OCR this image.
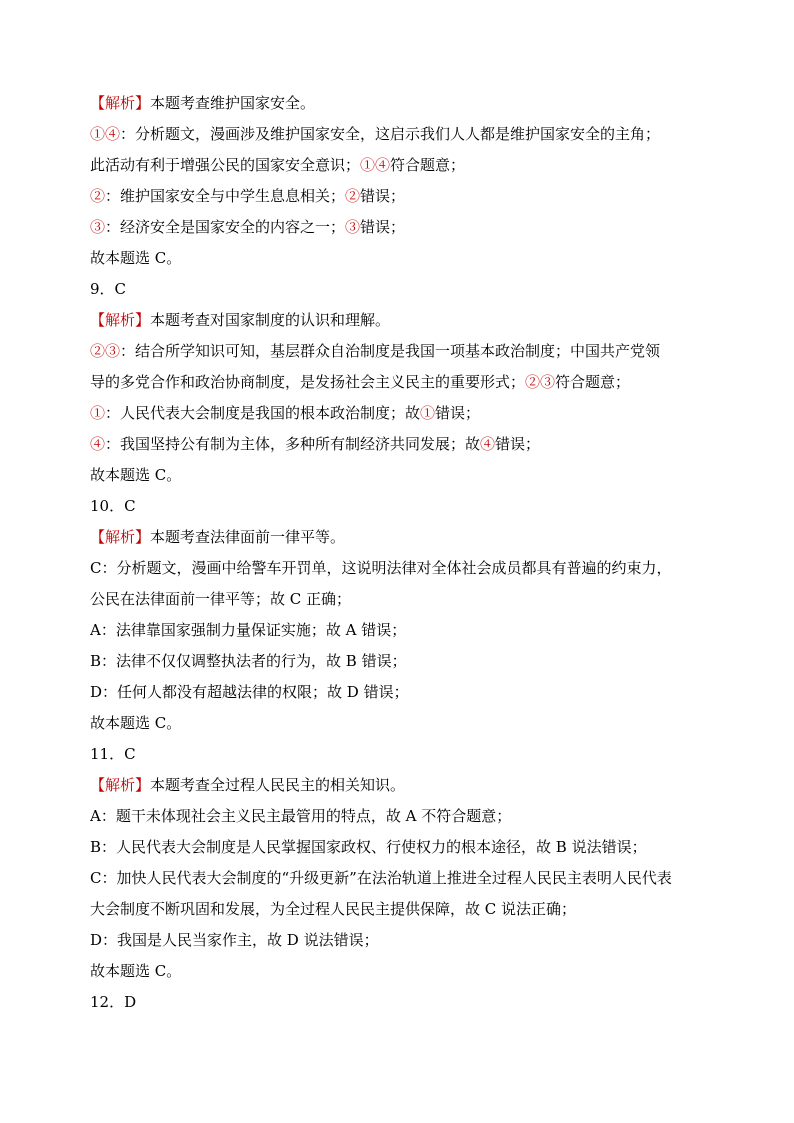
【解析】本题考查维护国家安全。
①④：分析题文，漫画涉及维护国家安全，这启示我们人人都是维护国家安全的主角；
此活动有利于增强公民的国家安全意识；①④符合题意；
②：维护国家安全与中学生息息相关；②错误；
③：经济安全是国家安全的内容之一；③错误；
故本题选 C。
9．C
【解析】本题考查对国家制度的认识和理解。
②③：结合所学知识可知，基层群众自治制度是我国一项基本政治制度；中国共产党领
导的多党合作和政治协商制度，是发扬社会主义民主的重要形式；②③符合题意；
①：人民代表大会制度是我国的根本政治制度；故①错误；
④：我国坚持公有制为主体，多种所有制经济共同发展；故④错误；
故本题选 C。
10．C
【解析】本题考查法律面前一律平等。
C：分析题文，漫画中给警车开罚单，这说明法律对全体社会成员都具有普遍的约束力，
公民在法律面前一律平等；故 C 正确；
A：法律靠国家强制力量保证实施；故 A 错误；
B：法律不仅仅调整执法者的行为，故 B 错误；
D：任何人都没有超越法律的权限；故 D 错误；
故本题选 C。
11．C
【解析】本题考查全过程人民民主的相关知识。
A：题干未体现社会主义民主最管用的特点，故 A 不符合题意；
B：人民代表大会制度是人民掌握国家政权、行使权力的根本途径，故 B 说法错误；
C：加快人民代表大会制度的“升级更新”在法治轨道上推进全过程人民民主表明人民代表
大会制度不断巩固和发展，为全过程人民民主提供保障，故 C 说法正确；
D：我国是人民当家作主，故 D 说法错误；
故本题选 C。
12．D
